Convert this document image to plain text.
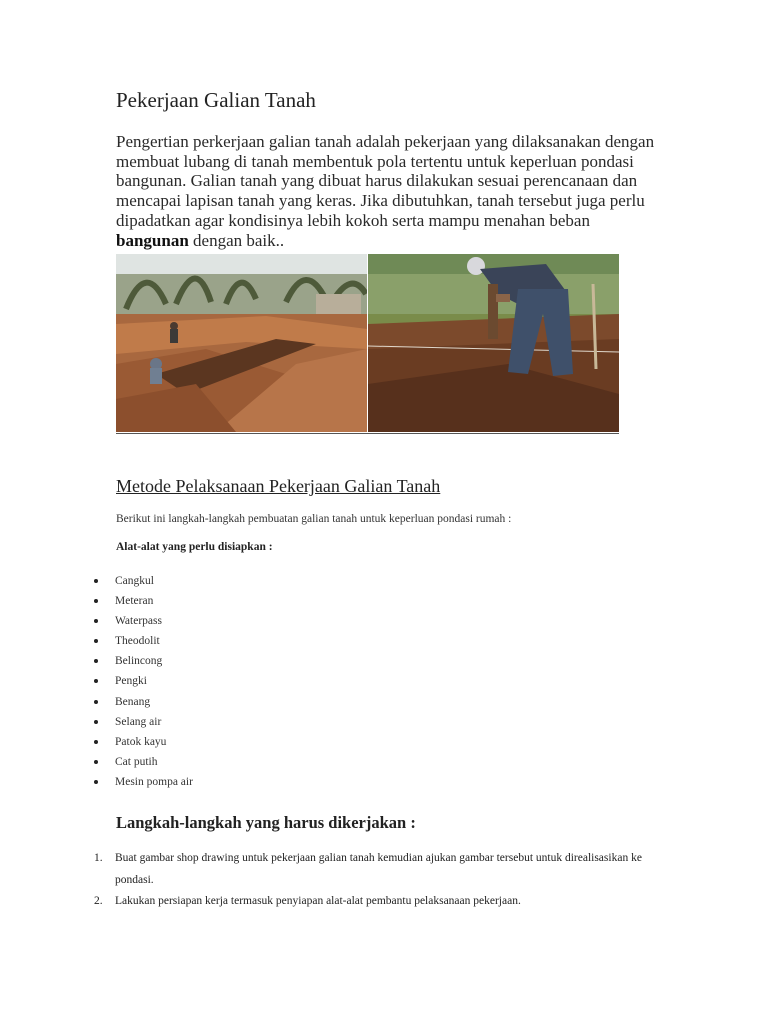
Pekerjaan Galian Tanah

Pengertian perkerjaan galian tanah adalah pekerjaan yang dilaksanakan dengan membuat lubang di tanah membentuk pola tertentu untuk keperluan pondasi bangunan. Galian tanah yang dibuat harus dilakukan sesuai perencanaan dan mencapai lapisan tanah yang keras. Jika dibutuhkan, tanah tersebut juga perlu dipadatkan agar kondisinya lebih kokoh serta mampu menahan beban bangunan dengan baik..

Metode Pelaksanaan Pekerjaan Galian Tanah

Berikut ini langkah-langkah pembuatan galian tanah untuk keperluan pondasi rumah :

Alat-alat yang perlu disiapkan :

Cangkul
Meteran
Waterpass
Theodolit
Belincong
Pengki
Benang
Selang air
Patok kayu
Cat putih
Mesin pompa air
Langkah-langkah yang harus dikerjakan :
1. Buat gambar shop drawing untuk pekerjaan galian tanah kemudian ajukan gambar tersebut untuk direalisasikan ke pondasi.
2. Lakukan persiapan kerja termasuk penyiapan alat-alat pembantu pelaksanaan pekerjaan.
